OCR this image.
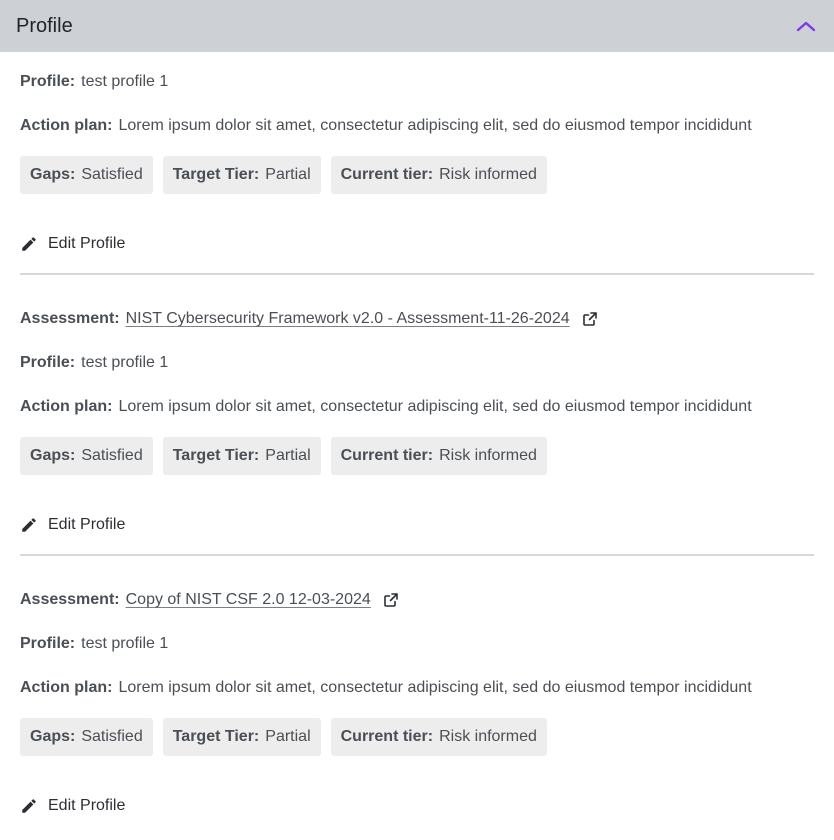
Profile
Profile: test profile 1
Action plan: Lorem ipsum dolor sit amet, consectetur adipiscing elit, sed do eiusmod tempor incididunt
Gaps: Satisfied Target Tier: Partial Current tier: Risk informed
Edit Profile
Assessment: NIST Cybersecurity Framework v2.0 - Assessment-11-26-2024
Profile: test profile 1
Action plan: Lorem ipsum dolor sit amet, consectetur adipiscing elit, sed do eiusmod tempor incididunt
Gaps: Satisfied Target Tier: Partial Current tier: Risk informed
Edit Profile
Assessment: Copy of NIST CSF 2.0 12-03-2024
Profile: test profile 1
Action plan: Lorem ipsum dolor sit amet, consectetur adipiscing elit, sed do eiusmod tempor incididunt
Gaps: Satisfied Target Tier: Partial Current tier: Risk informed
Edit Profile
